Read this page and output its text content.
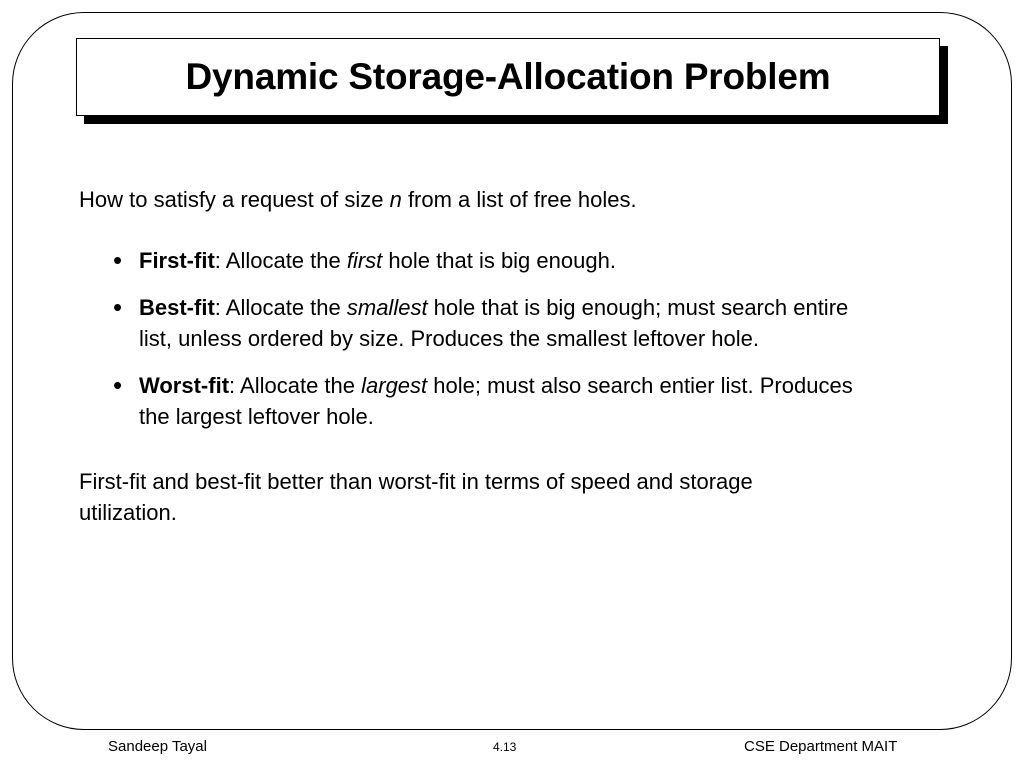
Dynamic Storage-Allocation Problem

How to satisfy a request of size n from a list of free holes.

• First-fit: Allocate the first hole that is big enough.
• Best-fit: Allocate the smallest hole that is big enough; must search entire list, unless ordered by size. Produces the smallest leftover hole.
• Worst-fit: Allocate the largest hole; must also search entier list. Produces the largest leftover hole.

First-fit and best-fit better than worst-fit in terms of speed and storage utilization.

Sandeep Tayal	4.13	CSE Department MAIT
